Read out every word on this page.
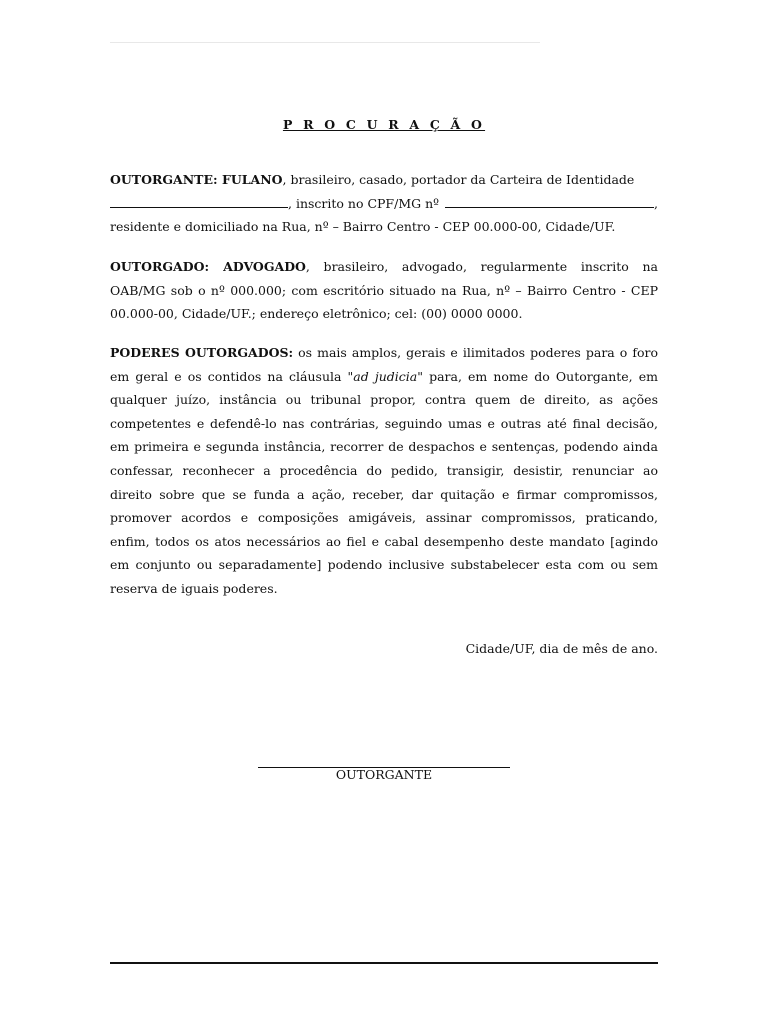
P R O C U R A Ç Ã O
OUTORGANTE: FULANO , brasileiro, casado, portador da Carteira de Identidade
, inscrito no CPF/MG nº	,
residente e domiciliado na Rua, nº – Bairro Centro - CEP 00.000-00, Cidade/UF.

OUTORGADO: ADVOGADO, brasileiro, advogado, regularmente inscrito na OAB/MG sob o nº 000.000; com escritório situado na Rua, nº – Bairro Centro - CEP 00.000-00, Cidade/UF.; endereço eletrônico; cel: (00) 0000 0000.

PODERES OUTORGADOS: os mais amplos, gerais e ilimitados poderes para o foro em geral e os contidos na cláusula "ad judicia" para, em nome do Outorgante, em qualquer juízo, instância ou tribunal propor, contra quem de direito, as ações competentes e defendê-lo nas contrárias, seguindo umas e outras até final decisão, em primeira e segunda instância, recorrer de despachos e sentenças, podendo ainda confessar, reconhecer a procedência do pedido, transigir, desistir, renunciar ao direito sobre que se funda a ação, receber, dar quitação e firmar compromissos, promover acordos e composições amigáveis, assinar compromissos, praticando, enfim, todos os atos necessários ao fiel e cabal desempenho deste mandato [agindo em conjunto ou separadamente] podendo inclusive substabelecer esta com ou sem reserva de iguais poderes.

Cidade/UF, dia de mês de ano.
OUTORGANTE
